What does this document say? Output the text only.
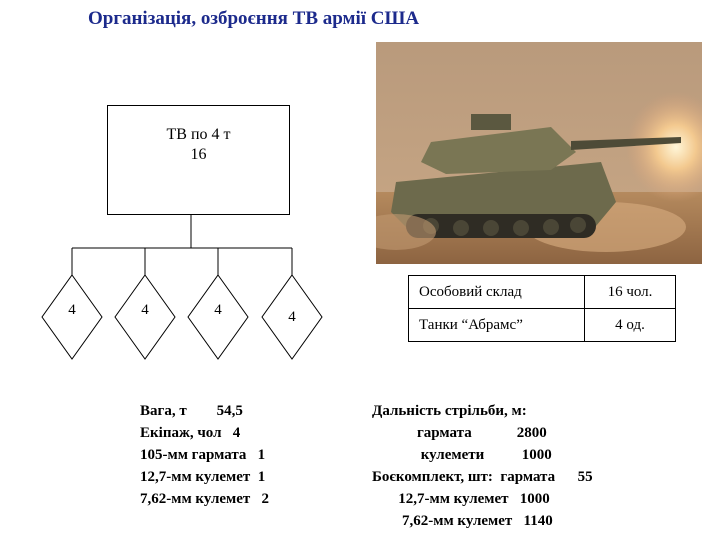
Організація, озброєння ТВ армії США
ТВ по 4 т
16
4	4	4	4
Особовий склад	16 чол.
Танки “Абрамс”	4 од.
Вага, т        54,5
Екіпаж, чол   4
105-мм гармата   1
12,7-мм кулемет  1
7,62-мм кулемет   2
Дальність стрільби, м:
гармата            2800
кулемети          1000
Боєкомплект, шт:  гармата      55
12,7-мм кулемет   1000
7,62-мм кулемет   1140
